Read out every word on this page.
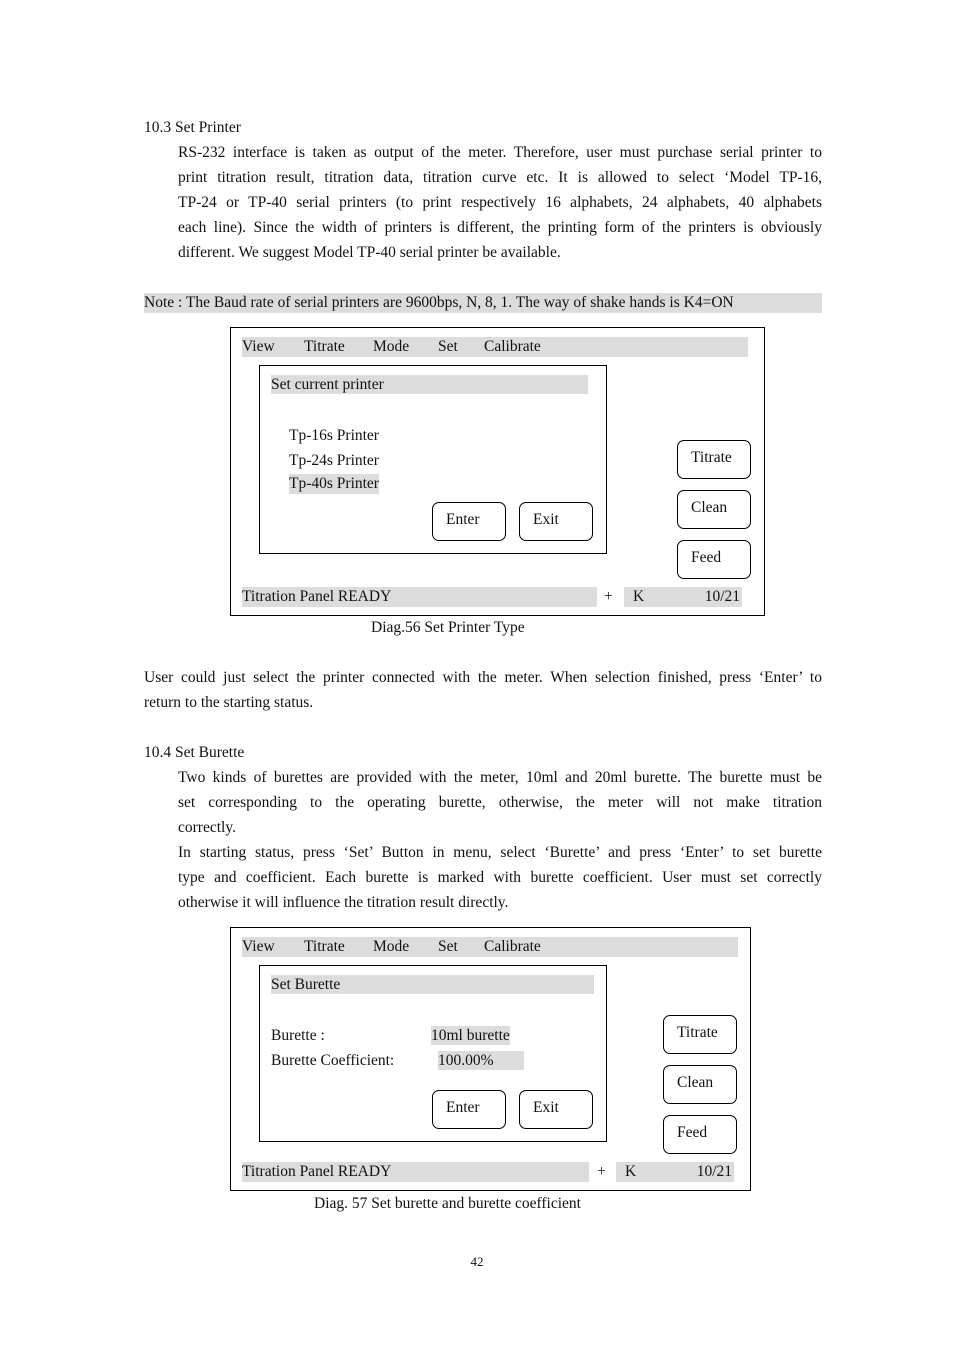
10.3 Set Printer
RS-232 interface is taken as output of the meter. Therefore, user must purchase serial printer to
print titration result, titration data, titration curve etc. It is allowed to select ‘Model TP-16,
TP-24 or TP-40 serial printers (to print respectively 16 alphabets, 24 alphabets, 40 alphabets
each line). Since the width of printers is different, the printing form of the printers is obviously
different. We suggest Model TP-40 serial printer be available.
Note : The Baud rate of serial printers are 9600bps, N, 8, 1. The way of shake hands is K4=ON
View Titrate Mode Set Calibrate
Set current printer
Tp-16s Printer
Tp-24s Printer
Tp-40s Printer
Enter	Exit
Titrate
Clean
Feed
Titration Panel READY	+ K	10/21
Diag.56 Set Printer Type
User could just select the printer connected with the meter. When selection finished, press ‘Enter’ to
return to the starting status.
10.4 Set Burette
Two kinds of burettes are provided with the meter, 10ml and 20ml burette. The burette must be
set corresponding to the operating burette, otherwise, the meter will not make titration
correctly.
In starting status, press ‘Set’ Button in menu, select ‘Burette’ and press ‘Enter’ to set burette
type and coefficient. Each burette is marked with burette coefficient. User must set correctly
otherwise it will influence the titration result directly.
View Titrate Mode Set Calibrate
Set Burette
Burette :	10ml burette
Burette Coefficient:	100.00%
Enter	Exit
Titrate
Clean
Feed
Titration Panel READY	+ K	10/21
Diag. 57 Set burette and burette coefficient
42
